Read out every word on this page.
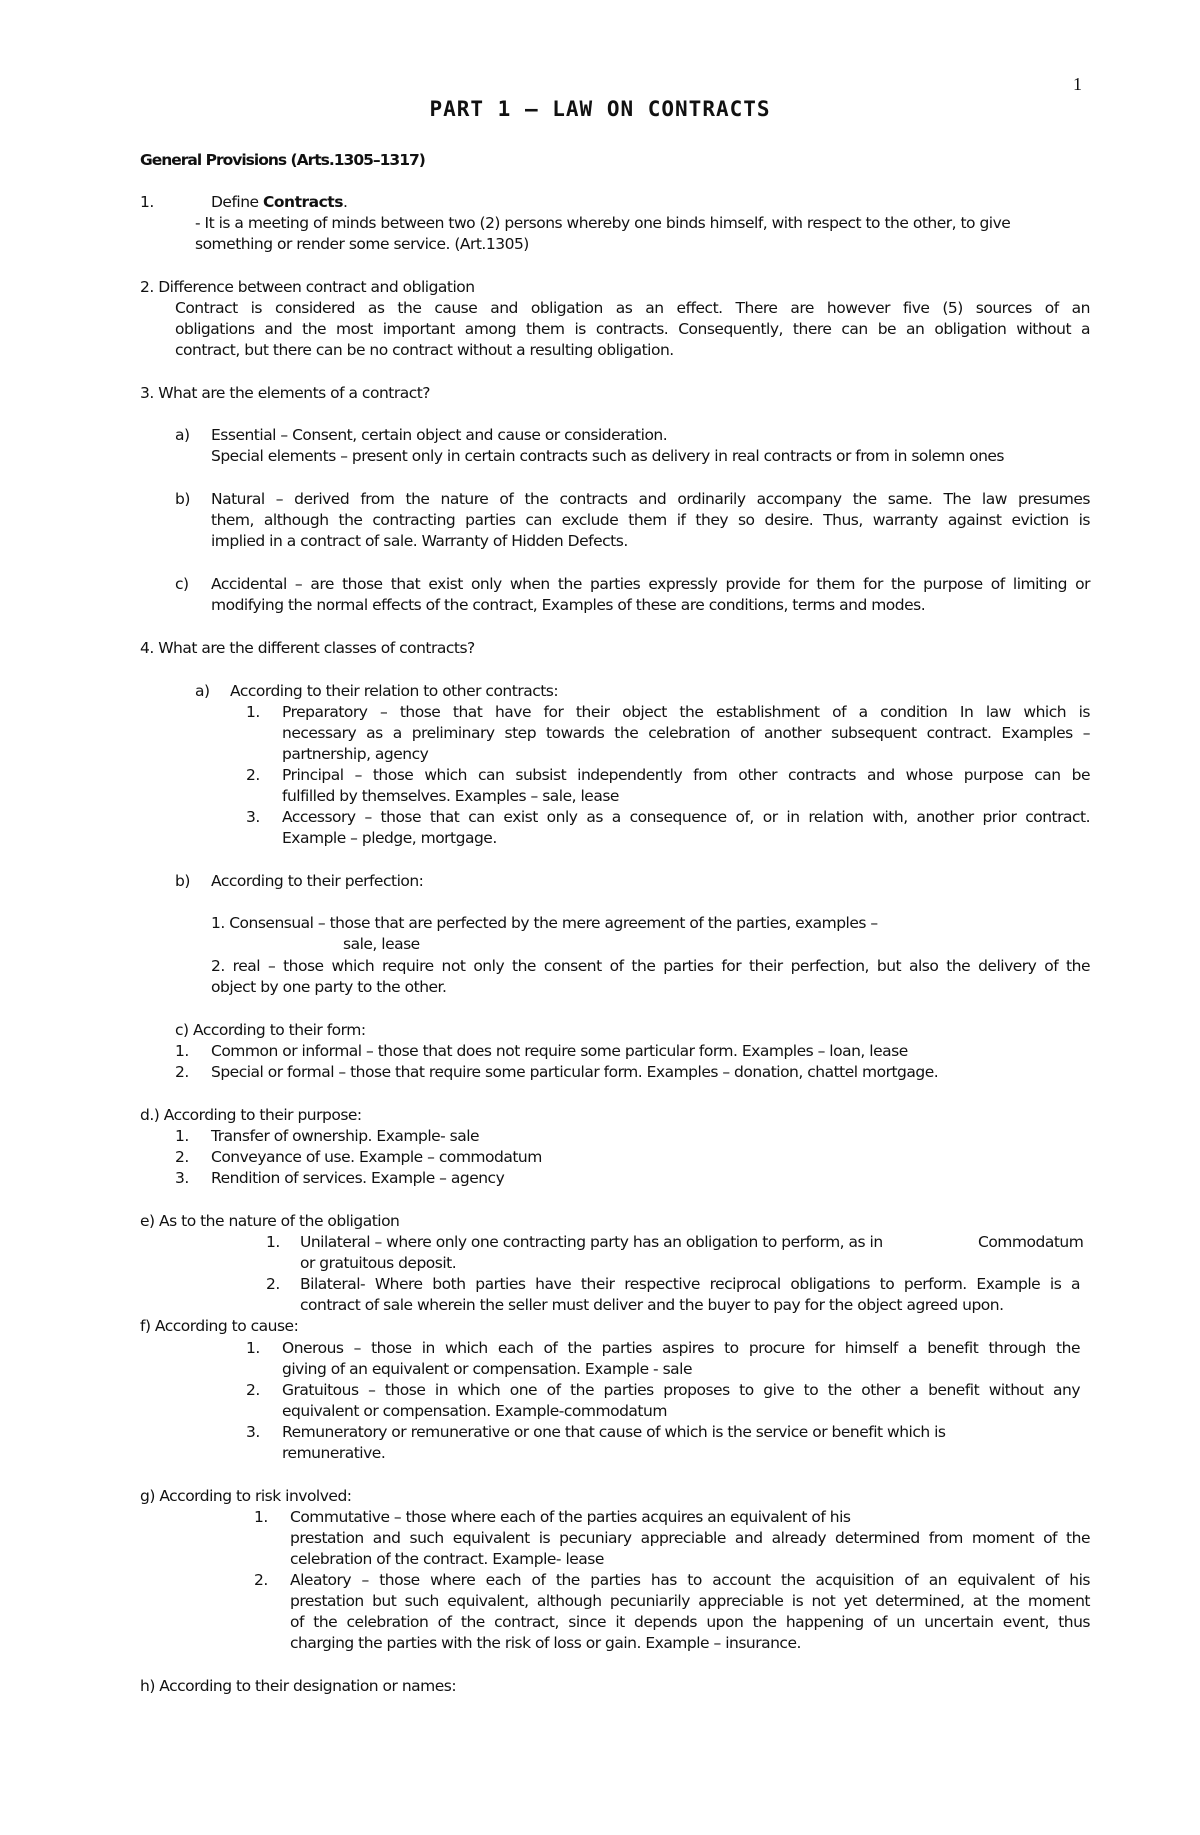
1
PART 1 – LAW ON CONTRACTS
General Provisions (Arts.1305–1317)
1.	Define Contracts.
- It is a meeting of minds between two (2) persons whereby one binds himself, with respect to the other, to give
something or render some service. (Art.1305)
2. Difference between contract and obligation
Contract is considered as the cause and obligation as an effect. There are however five (5) sources of an
obligations and the most important among them is contracts. Consequently, there can be an obligation without a
contract, but there can be no contract without a resulting obligation.
3. What are the elements of a contract?
a) Essential – Consent, certain object and cause or consideration.
Special elements – present only in certain contracts such as delivery in real contracts or from in solemn ones
b) Natural – derived from the nature of the contracts and ordinarily accompany the same. The law presumes
them, although the contracting parties can exclude them if they so desire. Thus, warranty against eviction is
implied in a contract of sale. Warranty of Hidden Defects.
c) Accidental – are those that exist only when the parties expressly provide for them for the purpose of limiting or
modifying the normal effects of the contract, Examples of these are conditions, terms and modes.
4. What are the different classes of contracts?
a) According to their relation to other contracts:
1. Preparatory – those that have for their object the establishment of a condition In law which is
necessary as a preliminary step towards the celebration of another subsequent contract. Examples –
partnership, agency
2. Principal – those which can subsist independently from other contracts and whose purpose can be
fulfilled by themselves. Examples – sale, lease
3. Accessory – those that can exist only as a consequence of, or in relation with, another prior contract.
Example – pledge, mortgage.
b) According to their perfection:
1. Consensual – those that are perfected by the mere agreement of the parties, examples –
sale, lease
2. real – those which require not only the consent of the parties for their perfection, but also the delivery of the
object by one party to the other.
c) According to their form:
1. Common or informal – those that does not require some particular form. Examples – loan, lease
2. Special or formal – those that require some particular form. Examples – donation, chattel mortgage.
d.) According to their purpose:
1. Transfer of ownership. Example- sale
2. Conveyance of use. Example – commodatum
3. Rendition of services. Example – agency
e) As to the nature of the obligation
1. Unilateral – where only one contracting party has an obligation to perform, as in	Commodatum
or gratuitous deposit.
2. Bilateral- Where both parties have their respective reciprocal obligations to perform. Example is a
contract of sale wherein the seller must deliver and the buyer to pay for the object agreed upon.
f) According to cause:
1. Onerous – those in which each of the parties aspires to procure for himself a benefit through the
giving of an equivalent or compensation. Example - sale
2. Gratuitous – those in which one of the parties proposes to give to the other a benefit without any
equivalent or compensation. Example-commodatum
3. Remuneratory or remunerative or one that cause of which is the service or benefit which is
remunerative.
g) According to risk involved:
1. Commutative – those where each of the parties acquires an equivalent of his
prestation and such equivalent is pecuniary appreciable and already determined from moment of the
celebration of the contract. Example- lease
2. Aleatory – those where each of the parties has to account the acquisition of an equivalent of his
prestation but such equivalent, although pecuniarily appreciable is not yet determined, at the moment
of the celebration of the contract, since it depends upon the happening of un uncertain event, thus
charging the parties with the risk of loss or gain. Example – insurance.
h) According to their designation or names:
